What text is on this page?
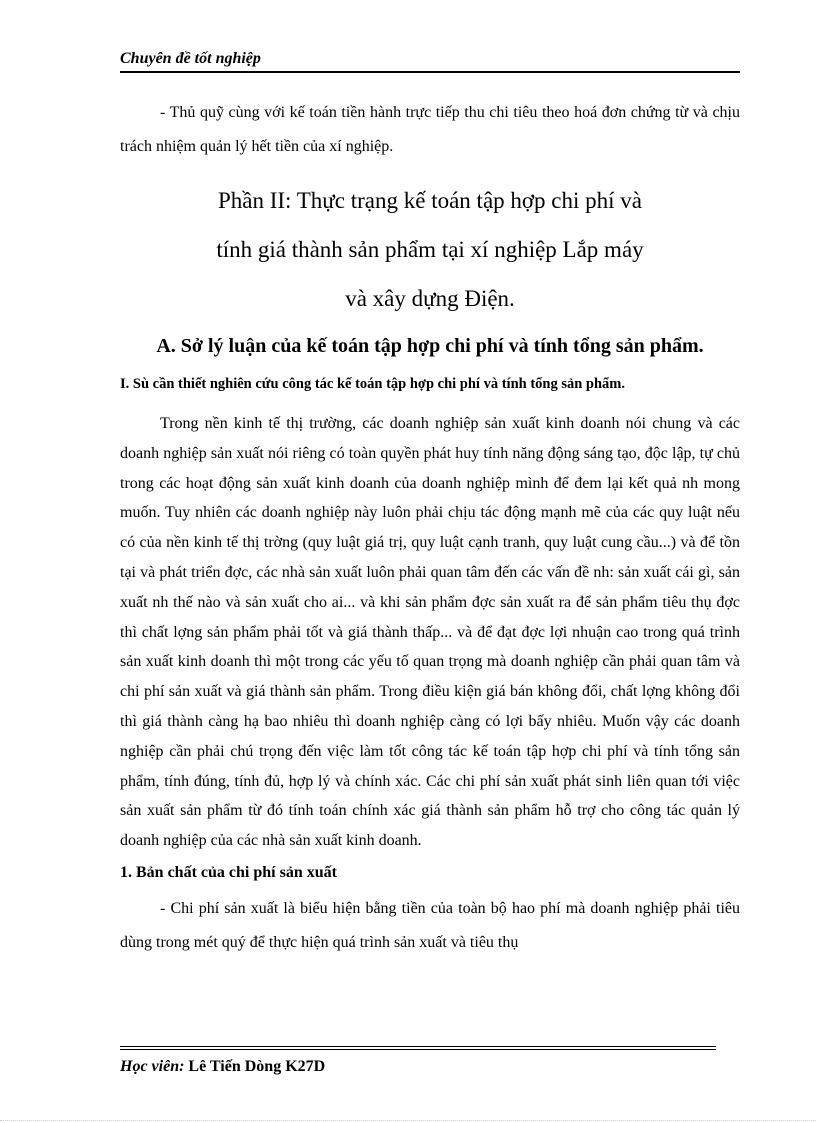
Chuyên đề tốt nghiệp

- Thủ quỹ cùng với kế toán tiền hành trực tiếp thu chi tiêu theo hoá đơn chứng từ và chịu trách nhiệm quản lý hết tiền của xí nghiệp.

Phần II: Thực trạng kế toán tập hợp chi phí và
tính giá thành sản phẩm tại xí nghiệp Lắp máy
và xây dựng Điện.
A. Sở lý luận của kế toán tập hợp chi phí và tính tổng sản phẩm.
I. Sù cần thiết nghiên cứu công tác kế toán tập hợp chi phí và tính tổng sản phẩm.

Trong nền kinh tế thị trường, các doanh nghiệp sản xuất kinh doanh nói chung và các doanh nghiệp sản xuất nói riêng có toàn quyền phát huy tính năng động sáng tạo, độc lập, tự chủ trong các hoạt động sản xuất kinh doanh của doanh nghiệp mình để đem lại kết quả nh mong muốn. Tuy nhiên các doanh nghiệp này luôn phải chịu tác động mạnh mẽ của các quy luật nếu có của nền kinh tế thị trờng (quy luật giá trị, quy luật cạnh tranh, quy luật cung cầu...) và để tồn tại và phát triển đợc, các nhà sản xuất luôn phải quan tâm đến các vấn đề nh: sản xuất cái gì, sản xuất nh thế nào và sản xuất cho ai... và khi sản phẩm đợc sản xuất ra để sản phẩm tiêu thụ đợc thì chất lợng sản phẩm phải tốt và giá thành thấp... và để đạt đợc lợi nhuận cao trong quá trình sản xuất kinh doanh thì một trong các yếu tố quan trọng mà doanh nghiệp cần phải quan tâm và chi phí sản xuất và giá thành sản phẩm. Trong điều kiện giá bán không đổi, chất lợng không đổi thì giá thành càng hạ bao nhiêu thì doanh nghiệp càng có lợi bấy nhiêu. Muốn vậy các doanh nghiệp cần phải chú trọng đến việc làm tốt công tác kế toán tập hợp chi phí và tính tổng sản phẩm, tính đúng, tính đủ, hợp lý và chính xác. Các chi phí sản xuất phát sinh liên quan tới việc sản xuất sản phẩm từ đó tính toán chính xác giá thành sản phẩm hỗ trợ cho công tác quản lý doanh nghiệp của các nhà sản xuất kinh doanh.

1. Bản chất của chi phí sản xuất

- Chi phí sản xuất là biểu hiện bằng tiền của toàn bộ hao phí mà doanh nghiệp phải tiêu dùng trong mét quý để thực hiện quá trình sản xuất và tiêu thụ

Học viên: Lê Tiến Dòng K27D
